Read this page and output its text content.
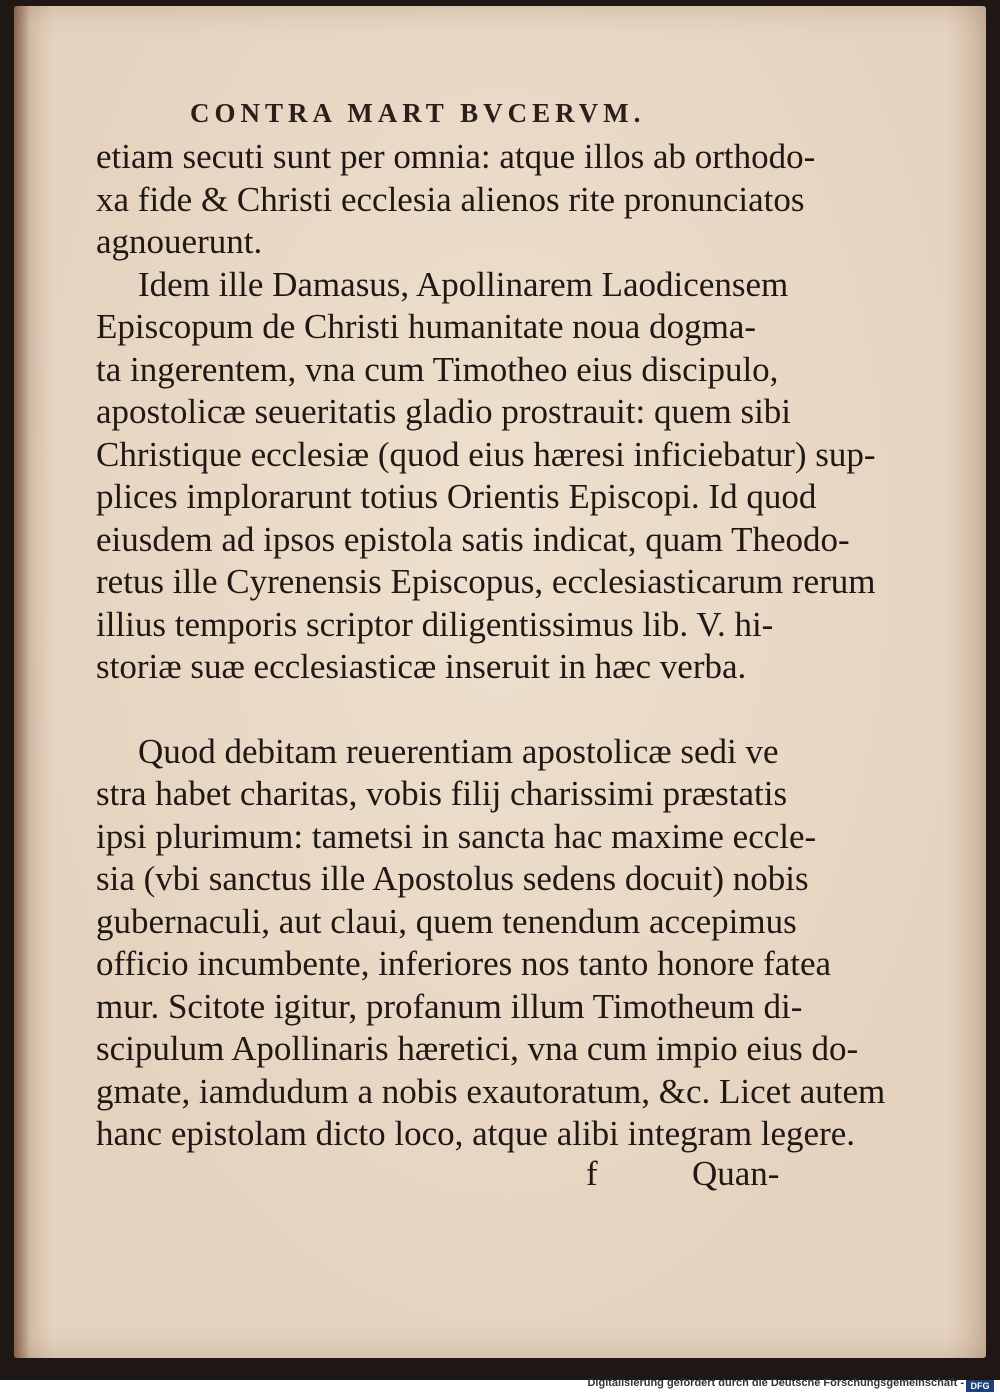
CONTRA MART BVCERVM.
etiam secuti sunt per omnia: atque illos ab orthodo-
xa fide & Christi ecclesia alienos rite pronunciatos
agnouerunt.
Idem ille Damasus, Apollinarem Laodicensem
Episcopum de Christi humanitate noua dogma-
ta ingerentem, vna cum Timotheo eius discipulo,
apostolicæ seueritatis gladio prostrauit: quem sibi
Christique ecclesiæ (quod eius hæresi inficiebatur) sup-
plices implorarunt totius Orientis Episcopi. Id quod
eiusdem ad ipsos epistola satis indicat, quam Theodo-
retus ille Cyrenensis Episcopus, ecclesiasticarum rerum
illius temporis scriptor diligentissimus lib. V. hi-
storiæ suæ ecclesiasticæ inseruit in hæc verba.
Quod debitam reuerentiam apostolicæ sedi ve
stra habet charitas, vobis filij charissimi præstatis
ipsi plurimum: tametsi in sancta hac maxime eccle-
sia (vbi sanctus ille Apostolus sedens docuit) nobis
gubernaculi, aut claui, quem tenendum accepimus
officio incumbente, inferiores nos tanto honore fatea
mur. Scitote igitur, profanum illum Timotheum di-
scipulum Apollinaris hæretici, vna cum impio eius do-
gmate, iamdudum a nobis exautoratum, &c. Licet autem
hanc epistolam dicto loco, atque alibi integram legere.
f	Quan-
Digitalisierung gefördert durch die Deutsche Forschungsgemeinschaft - DFG
